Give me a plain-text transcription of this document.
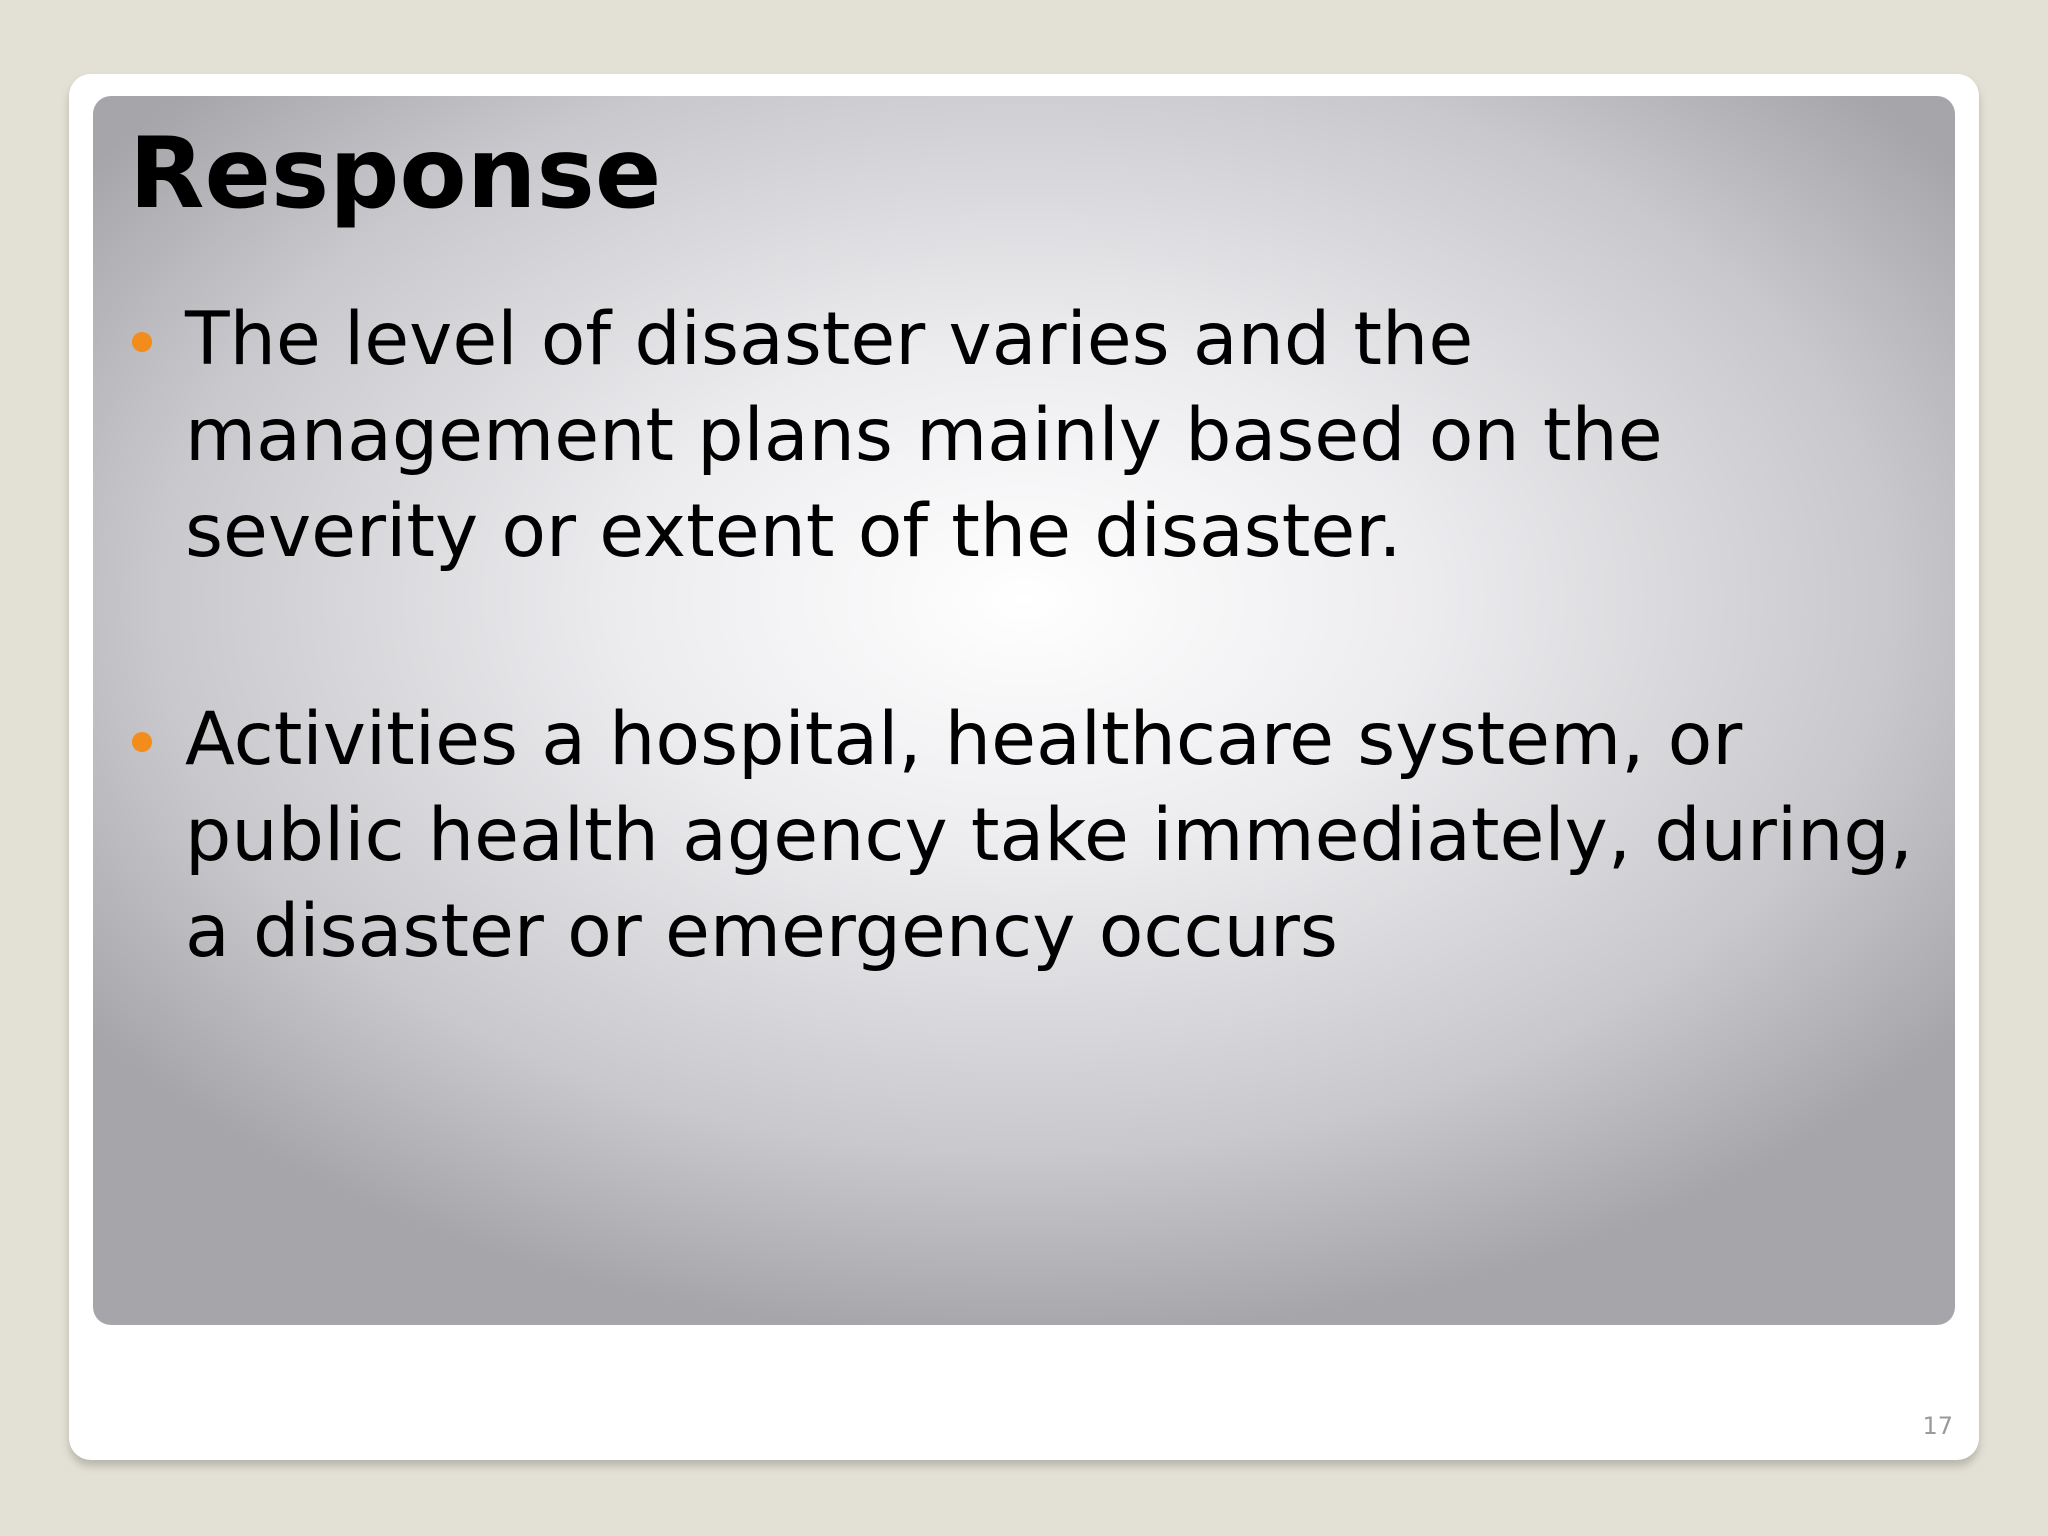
Response
The level of disaster varies and the management plans mainly based on the severity or extent of the disaster.
Activities a hospital, healthcare system, or public health agency take immediately, during, a disaster or emergency occurs
17
